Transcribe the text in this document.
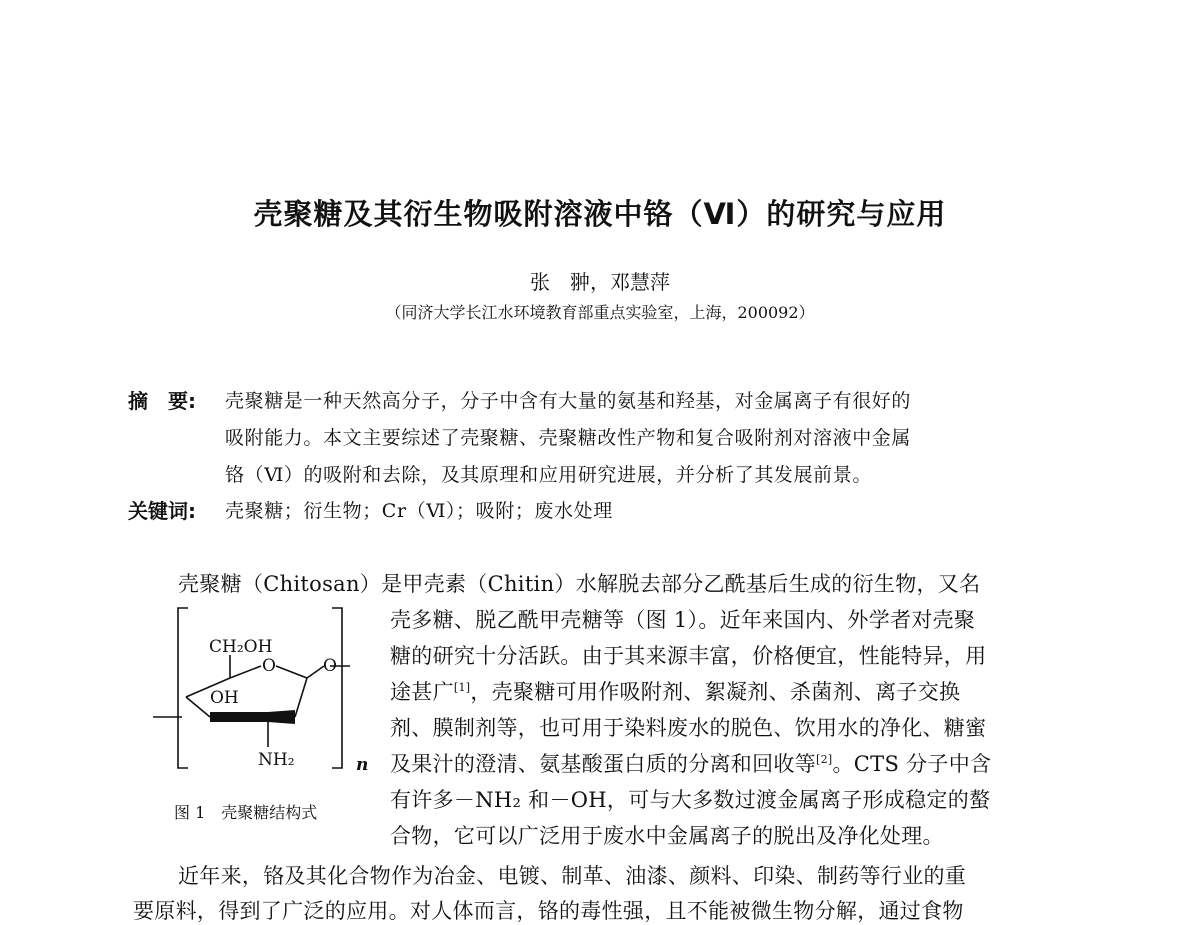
壳聚糖及其衍生物吸附溶液中铬（Ⅵ）的研究与应用
张　翀，邓慧萍
（同济大学长江水环境教育部重点实验室，上海，200092）
摘　要: 壳聚糖是一种天然高分子，分子中含有大量的氨基和羟基，对金属离子有很好的
吸附能力。本文主要综述了壳聚糖、壳聚糖改性产物和复合吸附剂对溶液中金属
铬（Ⅵ）的吸附和去除，及其原理和应用研究进展，并分析了其发展前景。
关键词: 壳聚糖；衍生物；Cr（Ⅵ）；吸附；废水处理
壳聚糖（Chitosan）是甲壳素（Chitin）水解脱去部分乙酰基后生成的衍生物，又名
壳多糖、脱乙酰甲壳糖等（图 1）。近年来国内、外学者对壳聚
糖的研究十分活跃。由于其来源丰富，价格便宜，性能特异，用
途甚广[1]，壳聚糖可用作吸附剂、絮凝剂、杀菌剂、离子交换
剂、膜制剂等，也可用于染料废水的脱色、饮用水的净化、糖蜜
及果汁的澄清、氨基酸蛋白质的分离和回收等[2]。CTS 分子中含
有许多－NH₂ 和－OH，可与大多数过渡金属离子形成稳定的螯
合物，它可以广泛用于废水中金属离子的脱出及净化处理。
近年来，铬及其化合物作为冶金、电镀、制革、油漆、颜料、印染、制药等行业的重
要原料，得到了广泛的应用。对人体而言，铬的毒性强，且不能被微生物分解，通过食物
CH₂OH
O
OH
O
NH₂	n
图 1　壳聚糖结构式
